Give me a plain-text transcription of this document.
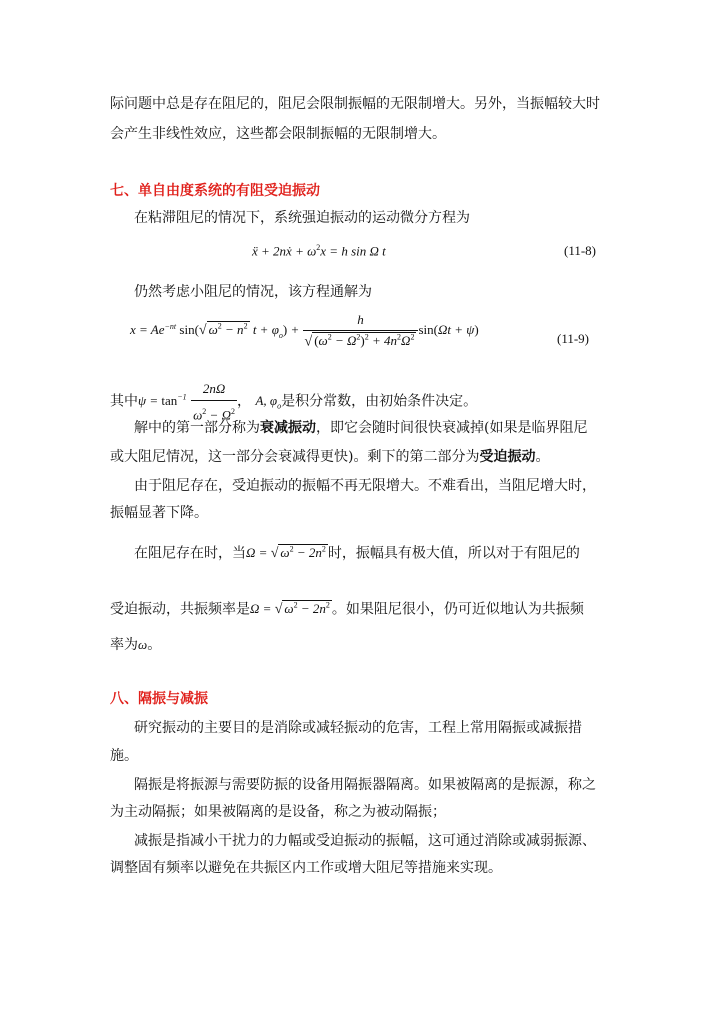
际问题中总是存在阻尼的，阻尼会限制振幅的无限制增大。另外，当振幅较大时
会产生非线性效应，这些都会限制振幅的无限制增大。
七、单自由度系统的有阻受迫振动
在粘滞阻尼的情况下，系统强迫振动的运动微分方程为
ẍ + 2nẋ + $\omega^2x = h$ sin Ω t	(11-8)
仍然考虑小阻尼的情况，该方程通解为
$x = Ae^{-nt}$ sin(√ $\omega^2 - n^2$ $t + \varphi_o) + \frac{h}{√ (\omega^2 - \Omega^2)^2 + 4n^2\Omega^2} \sin(\Omega t + \psi)$
(11-9)
其中$\psi = \tan^{-1} \frac{2n\Omega}{\omega^2 - \Omega^2}$ ， A, $\varphi_o$是积分常数，由初始条件决定。
解中的第一部分称为衰减振动，即它会随时间很快衰减掉(如果是临界阻尼
或大阻尼情况，这一部分会衰减得更快)。剩下的第二部分为受迫振动。
由于阻尼存在，受迫振动的振幅不再无限增大。不难看出，当阻尼增大时，
振幅显著下降。
在阻尼存在时，当Ω = √ $\omega^2 - 2n^2$ 时，振幅具有极大值，所以对于有阻尼的
受迫振动，共振频率是Ω = √ $\omega^2 - 2n^2$ 。如果阻尼很小，仍可近似地认为共振频
率为ω。
八、隔振与减振
研究振动的主要目的是消除或减轻振动的危害，工程上常用隔振或减振措
施。
隔振是将振源与需要防振的设备用隔振器隔离。如果被隔离的是振源，称之
为主动隔振；如果被隔离的是设备，称之为被动隔振；
减振是指减小干扰力的力幅或受迫振动的振幅，这可通过消除或减弱振源、
调整固有频率以避免在共振区内工作或增大阻尼等措施来实现。
